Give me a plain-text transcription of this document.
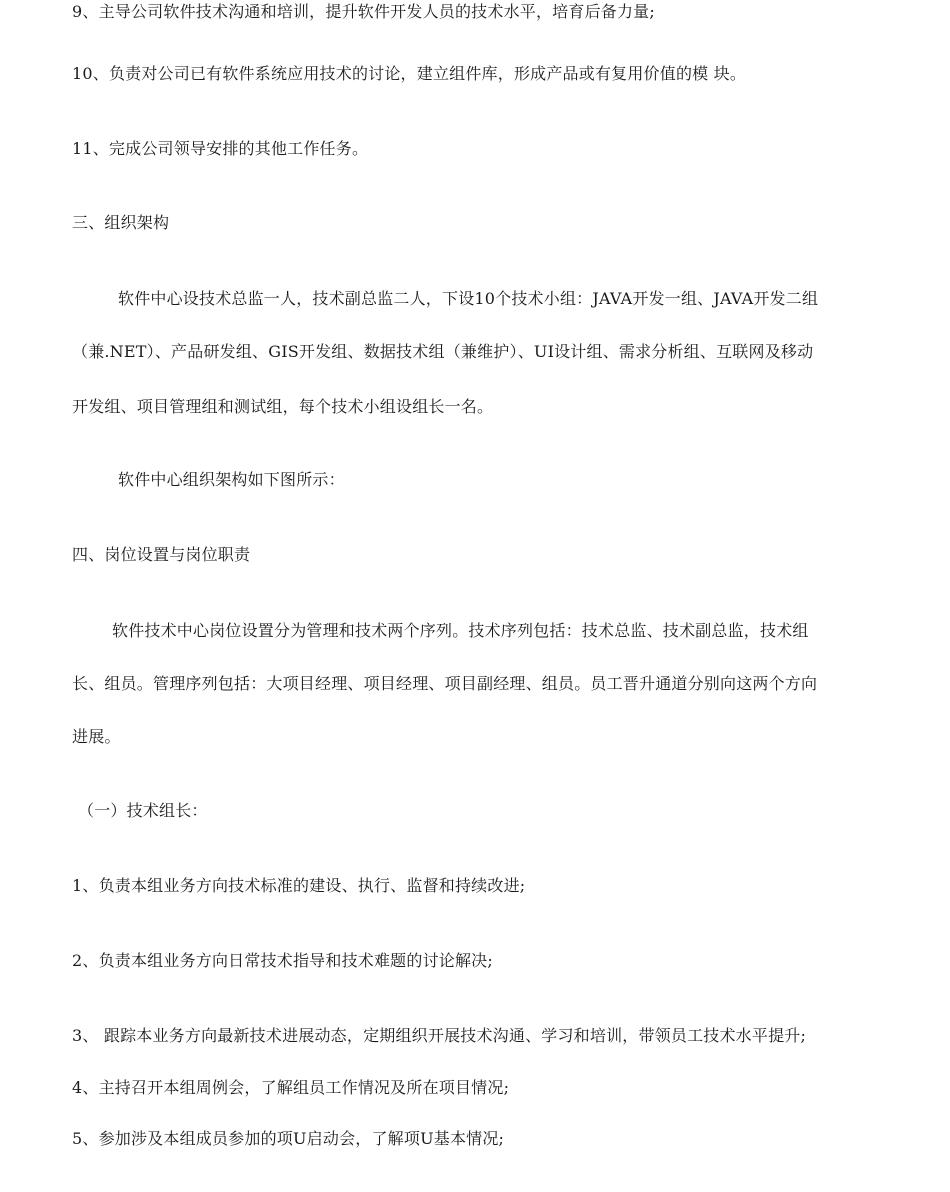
9、主导公司软件技术沟通和培训，提升软件开发人员的技术水平，培育后备力量;
10、负责对公司已有软件系统应用技术的讨论，建立组件库，形成产品或有复用价值的模 块。
11、完成公司领导安排的其他工作任务。
三、组织架构
软件中心设技术总监一人，技术副总监二人，下设10个技术小组：JAVA开发一组、JAVA开发二组
（兼.NET）、产品研发组、GIS开发组、数据技术组（兼维护）、UI设计组、需求分析组、互联网及移动
开发组、项目管理组和测试组，每个技术小组设组长一名。
软件中心组织架构如下图所示：
四、岗位设置与岗位职责
软件技术中心岗位设置分为管理和技术两个序列。技术序列包括：技术总监、技术副总监，技术组
长、组员。管理序列包括：大项目经理、项目经理、项目副经理、组员。员工晋升通道分别向这两个方向
进展。
（一）技术组长：
1、负责本组业务方向技术标准的建设、执行、监督和持续改进;
2、负责本组业务方向日常技术指导和技术难题的讨论解决;
3、 跟踪本业务方向最新技术进展动态，定期组织开展技术沟通、学习和培训，带领员工技术水平提升;
4、主持召开本组周例会，了解组员工作情况及所在项目情况;
5、参加涉及本组成员参加的项U启动会，了解项U基本情况;
